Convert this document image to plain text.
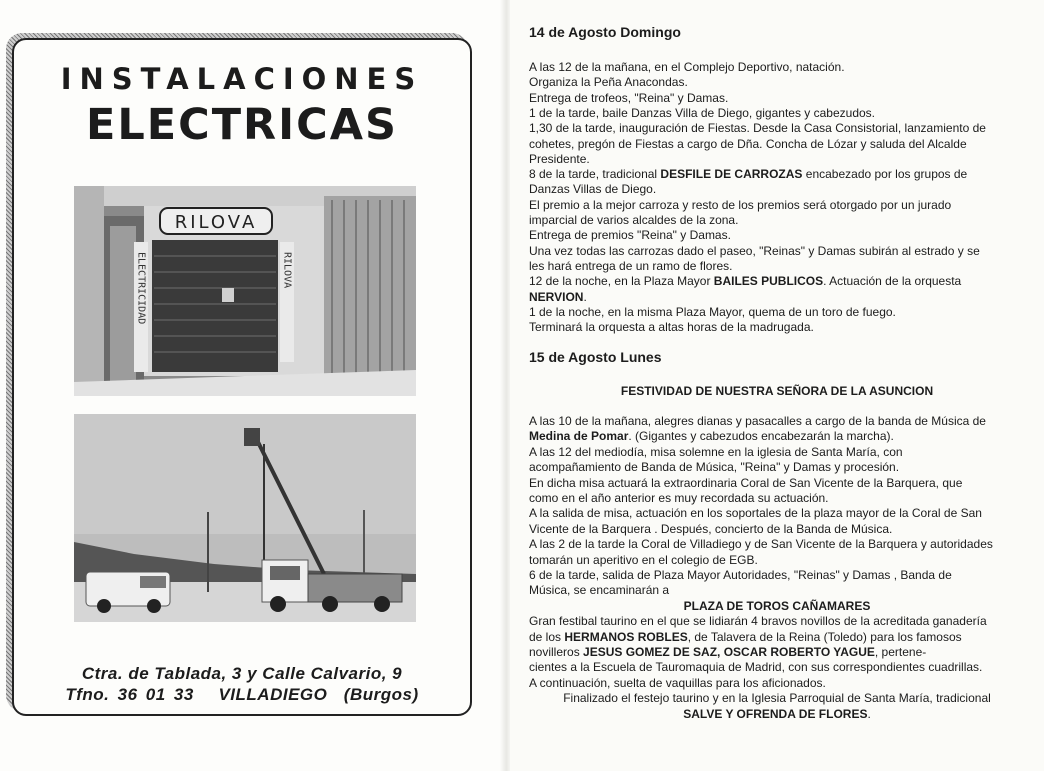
INSTALACIONES
ELECTRICAS
RILOVA
ELECTRICIDAD	RILOVA
Ctra. de Tablada, 3 y Calle Calvario, 9
Tfno. 36 01 33   VILLADIEGO  (Burgos)
14 de Agosto Domingo
A las 12 de la mañana, en el Complejo Deportivo, natación.
Organiza la Peña Anacondas.
Entrega de trofeos, "Reina" y Damas.
1 de la tarde, baile Danzas Villa de Diego, gigantes y cabezudos.
1,30 de la tarde, inauguración de Fiestas. Desde la Casa Consistorial, lanzamiento de
cohetes, pregón de Fiestas a cargo de Dña. Concha de Lózar y saluda del Alcalde
Presidente.
8 de la tarde, tradicional DESFILE DE CARROZAS encabezado por los grupos de
Danzas Villas de Diego.
El premio a la mejor carroza y resto de los premios será otorgado por un jurado
imparcial de varios alcaldes de la zona.
Entrega de premios "Reina" y Damas.
Una vez todas las carrozas dado el paseo, "Reinas" y Damas subirán al estrado y se
les hará entrega de un ramo de flores.
12 de la noche, en la Plaza Mayor BAILES PUBLICOS. Actuación de la orquesta
NERVION.
1 de la noche, en la misma Plaza Mayor, quema de un toro de fuego.
Terminará la orquesta a altas horas de la madrugada.
15 de Agosto Lunes
FESTIVIDAD DE NUESTRA SEÑORA DE LA ASUNCION
A las 10 de la mañana, alegres dianas y pasacalles a cargo de la banda de Música de
Medina de Pomar. (Gigantes y cabezudos encabezarán la marcha).
A las 12 del mediodía, misa solemne en la iglesia de Santa María, con
acompañamiento de Banda de Música, "Reina" y Damas y procesión.
En dicha misa actuará la extraordinaria Coral de San Vicente de la Barquera, que
como en el año anterior es muy recordada su actuación.
A la salida de misa, actuación en los soportales de la plaza mayor de la Coral de San
Vicente de la Barquera . Después, concierto de la Banda de Música.
A las 2 de la tarde la Coral de Villadiego y de San Vicente de la Barquera y autoridades
tomarán un aperitivo en el colegio de EGB.
6 de la tarde, salida de Plaza Mayor Autoridades, "Reinas" y Damas , Banda de
Música, se encaminarán a
PLAZA DE TOROS CAÑAMARES
Gran festibal taurino en el que se lidiarán 4 bravos novillos de la acreditada ganadería
de los HERMANOS ROBLES, de Talavera de la Reina (Toledo) para los famosos
novilleros JESUS GOMEZ DE SAZ, OSCAR ROBERTO YAGUE, pertene-
cientes a la Escuela de Tauromaquia de Madrid, con sus correspondientes cuadrillas.
A continuación, suelta de vaquillas para los aficionados.
Finalizado el festejo taurino y en la Iglesia Parroquial de Santa María, tradicional
SALVE Y OFRENDA DE FLORES.
